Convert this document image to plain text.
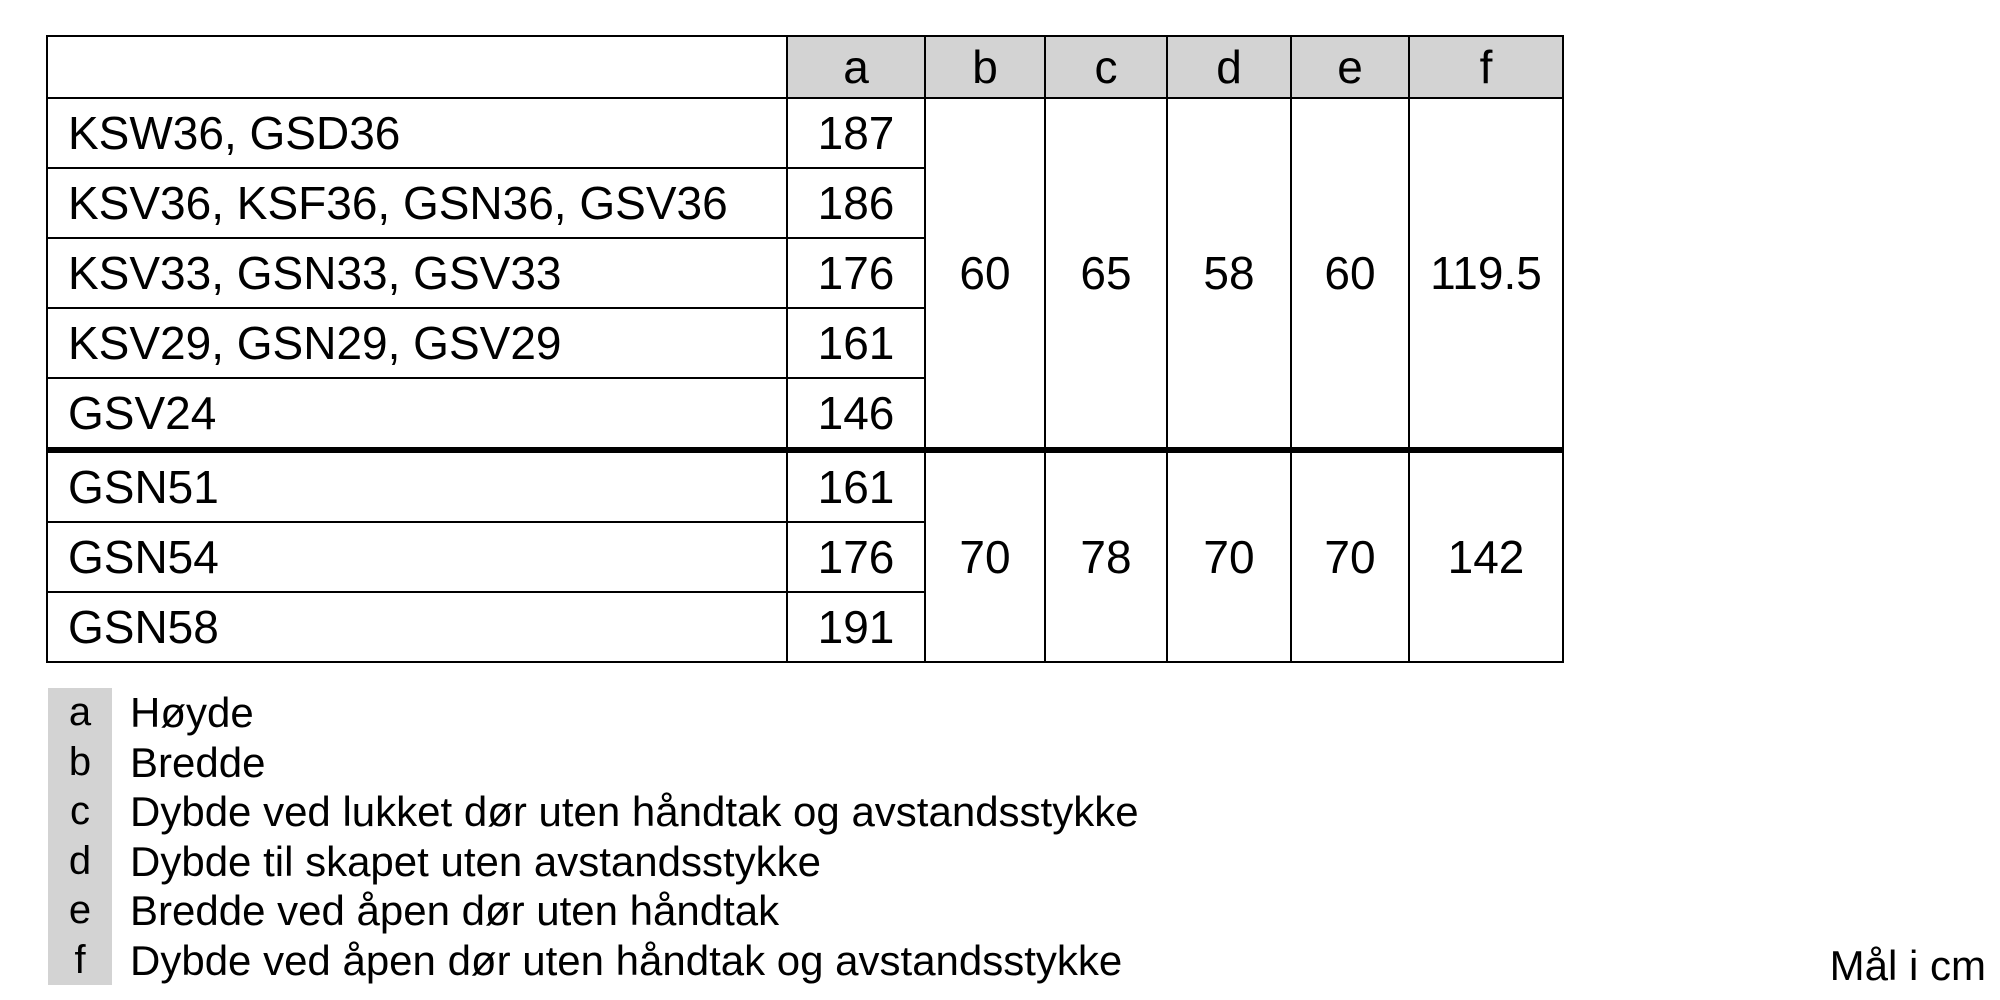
	a	b	c	d	e	f
KSW36, GSD36	187	60	65	58	60	119.5
KSV36, KSF36, GSN36, GSV36	186					
KSV33, GSN33, GSV33	176					
KSV29, GSN29, GSV29	161					
GSV24	146					
GSN51	161	70	78	70	70	142
GSN54	176					
GSN58	191					
a Høyde
b Bredde
c Dybde ved lukket dør uten håndtak og avstandsstykke
d Dybde til skapet uten avstandsstykke
e Bredde ved åpen dør uten håndtak
f	Dybde ved åpen dør uten håndtak og avstandsstykke	Mål i cm
